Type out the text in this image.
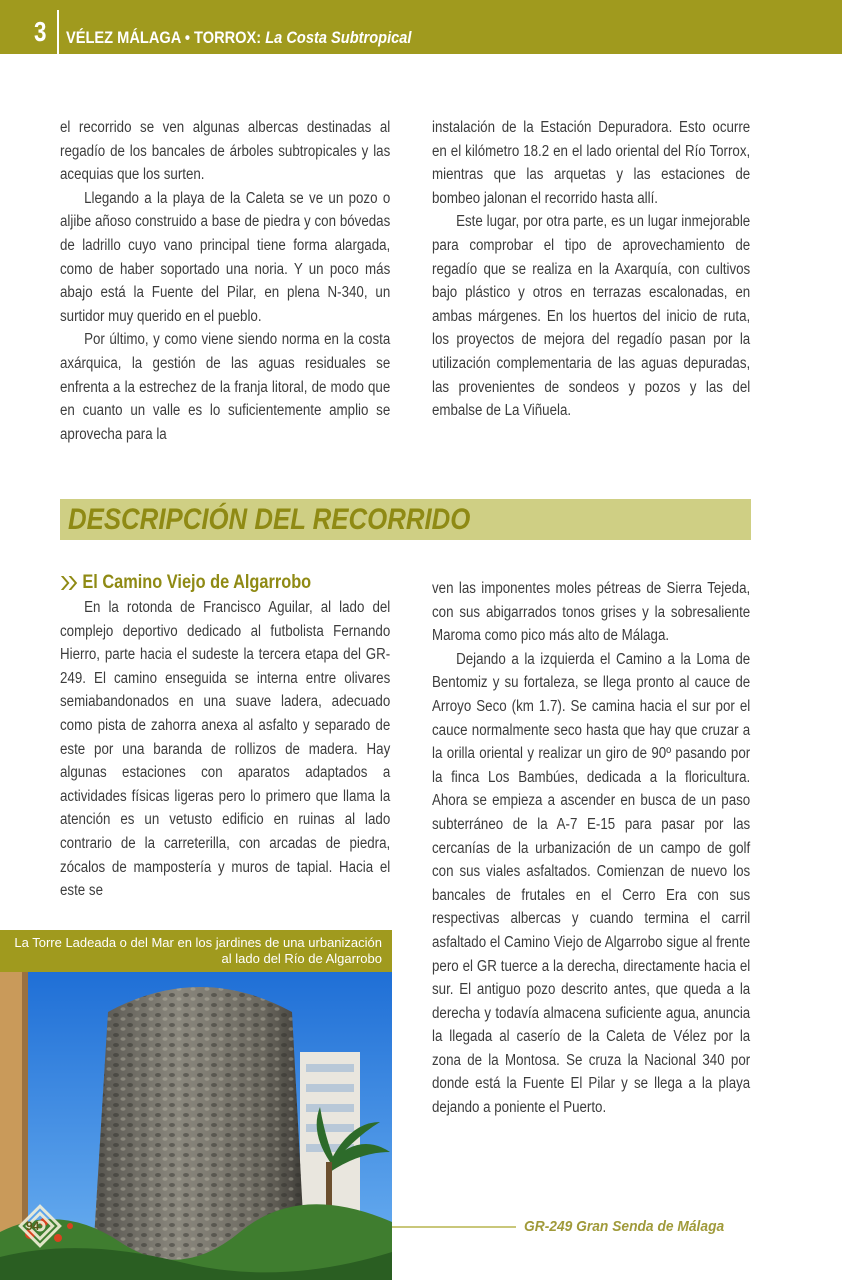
3 VÉLEZ MÁLAGA • TORROX: La Costa Subtropical

el recorrido se ven algunas albercas destinadas al regadío de los bancales de árboles subtropicales y las acequias que los surten.

Llegando a la playa de la Caleta se ve un pozo o aljibe añoso construido a base de piedra y con bóvedas de ladrillo cuyo vano principal tiene forma alargada, como de haber soportado una noria. Y un poco más abajo está la Fuente del Pilar, en plena N-340, un surtidor muy querido en el pueblo.

Por último, y como viene siendo norma en la costa axárquica, la gestión de las aguas residuales se enfrenta a la estrechez de la franja litoral, de modo que en cuanto un valle es lo suficientemente amplio se aprovecha para la

instalación de la Estación Depuradora. Esto ocurre en el kilómetro 18.2 en el lado oriental del Río Torrox, mientras que las arquetas y las estaciones de bombeo jalonan el recorrido hasta allí.

Este lugar, por otra parte, es un lugar inmejorable para comprobar el tipo de aprovechamiento de regadío que se realiza en la Axarquía, con cultivos bajo plástico y otros en terrazas escalonadas, en ambas márgenes. En los huertos del inicio de ruta, los proyectos de mejora del regadío pasan por la utilización complementaria de las aguas depuradas, las provenientes de sondeos y pozos y las del embalse de La Viñuela.

DESCRIPCIÓN DEL RECORRIDO
El Camino Viejo de Algarrobo

En la rotonda de Francisco Aguilar, al lado del complejo deportivo dedicado al futbolista Fernando Hierro, parte hacia el sudeste la tercera etapa del GR-249. El camino enseguida se interna entre olivares semiabandonados en una suave ladera, adecuado como pista de zahorra anexa al asfalto y separado de este por una baranda de rollizos de madera. Hay algunas estaciones con aparatos adaptados a actividades físicas ligeras pero lo primero que llama la atención es un vetusto edificio en ruinas al lado contrario de la carreterilla, con arcadas de piedra, zócalos de mampostería y muros de tapial. Hacia el este se

ven las imponentes moles pétreas de Sierra Tejeda, con sus abigarrados tonos grises y la sobresaliente Maroma como pico más alto de Málaga.

Dejando a la izquierda el Camino a la Loma de Bentomiz y su fortaleza, se llega pronto al cauce de Arroyo Seco (km 1.7). Se camina hacia el sur por el cauce normalmente seco hasta que hay que cruzar a la orilla oriental y realizar un giro de 90º pasando por la finca Los Bambúes, dedicada a la floricultura. Ahora se empieza a ascender en busca de un paso subterráneo de la A-7 E-15 para pasar por las cercanías de la urbanización de un campo de golf con sus viales asfaltados. Comienzan de nuevo los bancales de frutales en el Cerro Era con sus respectivas albercas y cuando termina el carril asfaltado el Camino Viejo de Algarrobo sigue al frente pero el GR tuerce a la derecha, directamente hacia el sur. El antiguo pozo descrito antes, que queda a la derecha y todavía almacena suficiente agua, anuncia la llegada al caserío de la Caleta de Vélez por la zona de la Montosa. Se cruza la Nacional 340 por donde está la Fuente El Pilar y se llega a la playa dejando a poniente el Puerto.

La Torre Ladeada o del Mar en los jardines de una urbanización al lado del Río de Algarrobo
94	GR-249 Gran Senda de Málaga
